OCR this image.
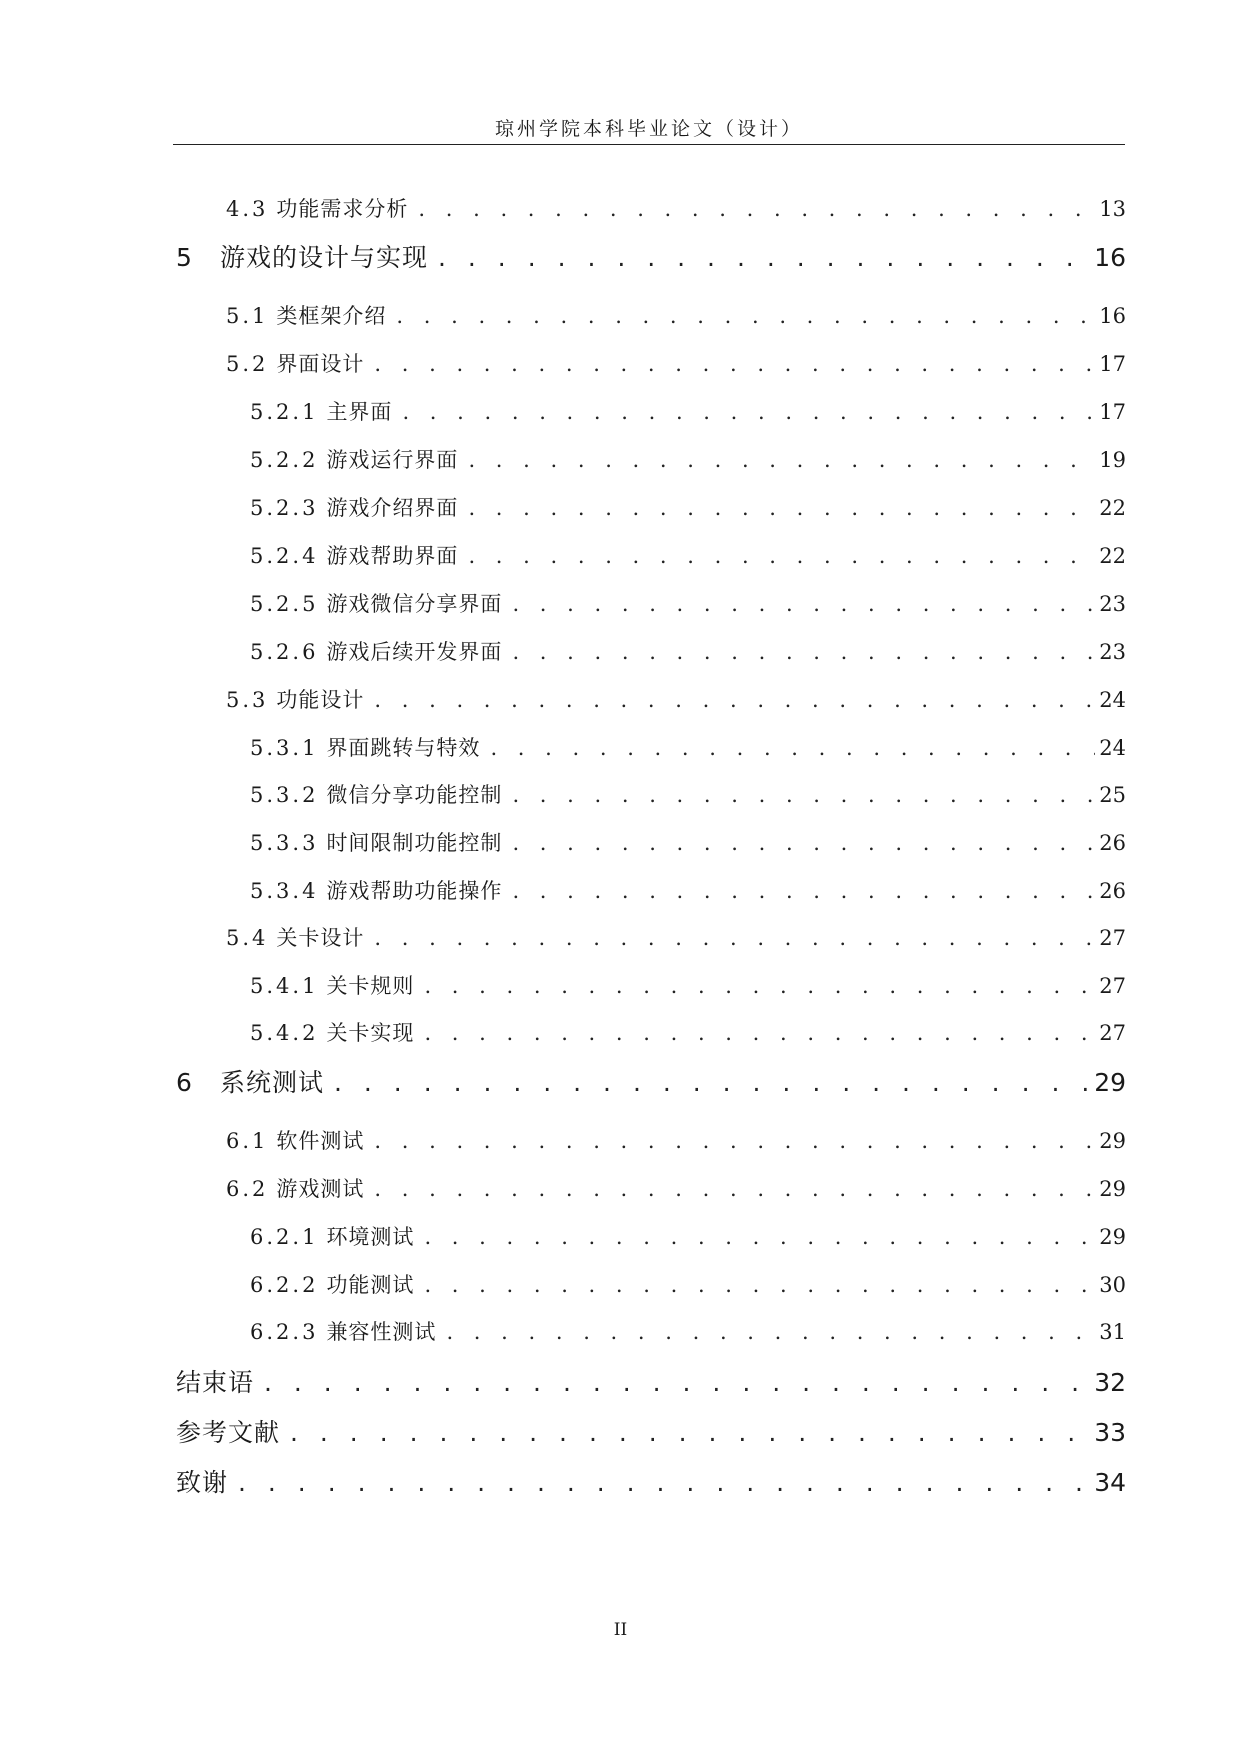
琼州学院本科毕业论文（设计）
4.3 功能需求分析 . . .	13
5	游戏的设计与实现 . . .	16
5.1 类框架介绍 . . .	16
5.2 界面设计 . . .	17
5.2.1 主界面 . . .	17
5.2.2 游戏运行界面 . . .	19
5.2.3 游戏介绍界面 . . .	22
5.2.4 游戏帮助界面 . . .	22
5.2.5 游戏微信分享界面 . . .	23
5.2.6 游戏后续开发界面 . . .	23
5.3 功能设计 . . .	24
5.3.1 界面跳转与特效 . . .	24
5.3.2 微信分享功能控制 . . .	25
5.3.3 时间限制功能控制 . . .	26
5.3.4 游戏帮助功能操作 . . .	26
5.4 关卡设计 . . .	27
5.4.1 关卡规则 . . .	27
5.4.2 关卡实现 . . .	27
6	系统测试 . . .	29
6.1 软件测试 . . .	29
6.2 游戏测试 . . .	29
6.2.1 环境测试 . . .	29
6.2.2 功能测试 . . .	30
6.2.3 兼容性测试 . . .	31
结束语 . . .	32
参考文献 . . .	33
致谢 . . .	34
II
